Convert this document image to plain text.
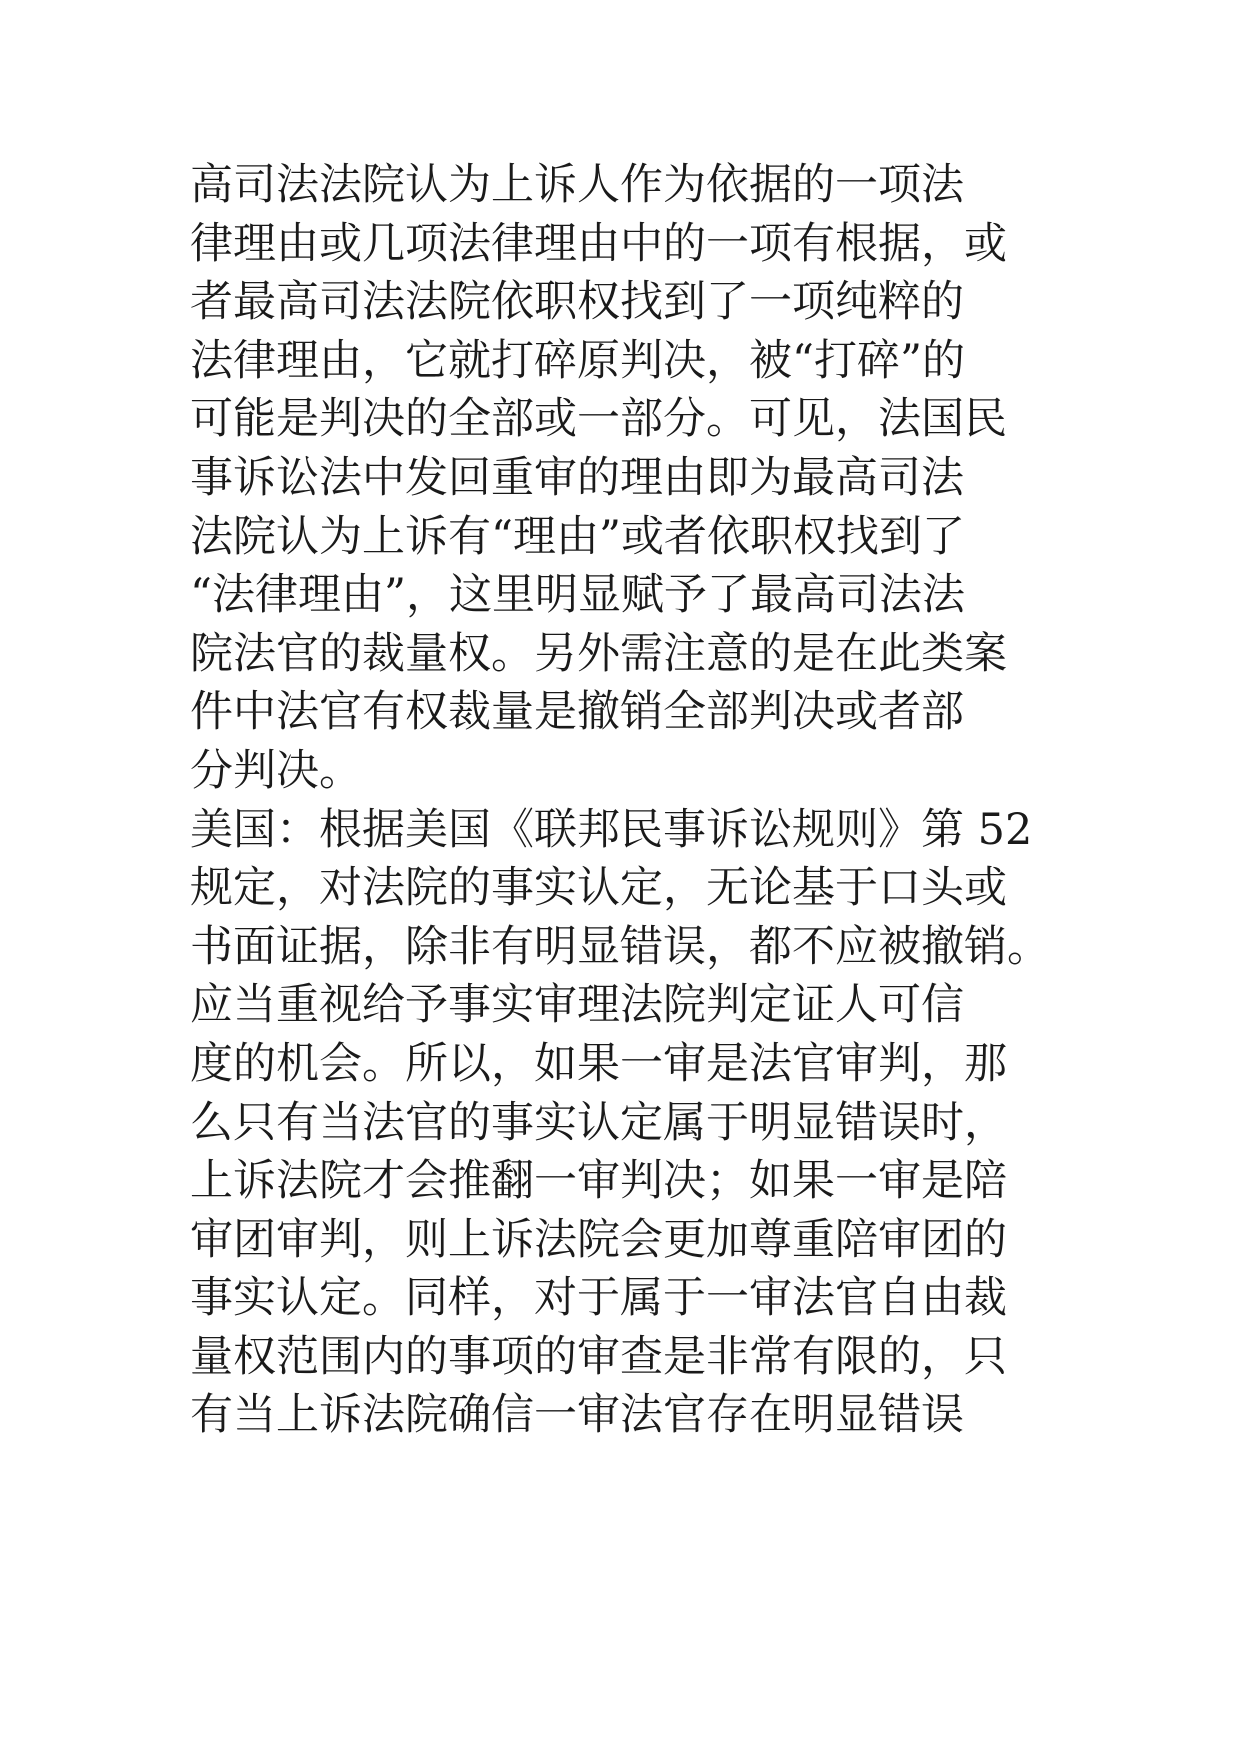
高司法法院认为上诉人作为依据的一项法
律理由或几项法律理由中的一项有根据，或
者最高司法法院依职权找到了一项纯粹的
法律理由，它就打碎原判决，被“打碎”的
可能是判决的全部或一部分。可见，法国民
事诉讼法中发回重审的理由即为最高司法
法院认为上诉有“理由”或者依职权找到了
“法律理由”，这里明显赋予了最高司法法
院法官的裁量权。另外需注意的是在此类案
件中法官有权裁量是撤销全部判决或者部
分判决。
美国：根据美国《联邦民事诉讼规则》第 52
规定，对法院的事实认定，无论基于口头或
书面证据，除非有明显错误，都不应被撤销。
应当重视给予事实审理法院判定证人可信
度的机会。所以，如果一审是法官审判，那
么只有当法官的事实认定属于明显错误时，
上诉法院才会推翻一审判决；如果一审是陪
审团审判，则上诉法院会更加尊重陪审团的
事实认定。同样，对于属于一审法官自由裁
量权范围内的事项的审查是非常有限的，只
有当上诉法院确信一审法官存在明显错误
